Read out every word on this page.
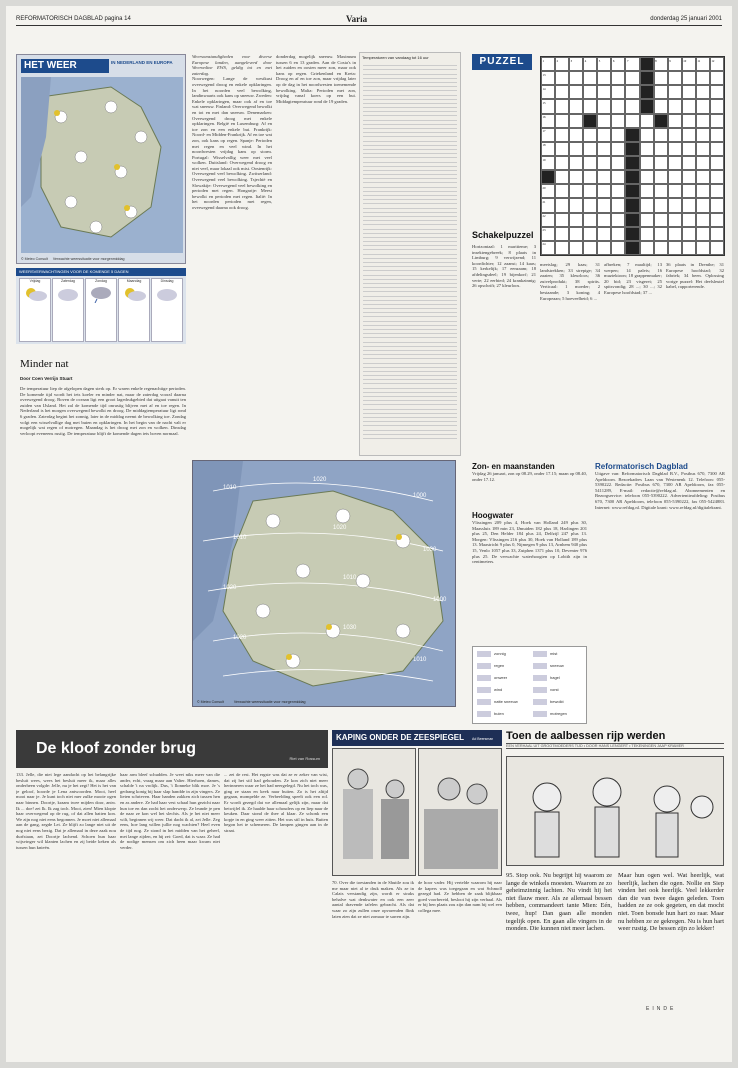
REFORMATORISCH DAGBLAD pagina 14	Varia	donderdag 25 januari 2001
HET WEER	IN NEDERLAND EN EUROPA
© Meteo Consult Verwachte weerssituatie voor morgenmiddag
WEERSVERWACHTINGEN VOOR DE KOMENDE 5 DAGEN
Vrijdag	Zaterdag	Zondag	Maandag	Dinsdag
Minder nat
Door Coen Verrijn Stuart
De temperatuur liep de afgelopen dagen sterk op. Er waren enkele regenachtige perioden. De komende tijd wordt het iets koeler en minder nat, maar de zaterdag vooral daarna overwegend droog. Boven de oceaan ligt een groot lagedrukgebied dat uitgaat vanuit ten zuiden van IJsland. Het zal de komende tijd onrustig blijven met af en toe regen. In Nederland is het morgen overwegend bewolkt en droog. De middagtemperatuur ligt rond 6 graden. Zaterdag begint het zonnig, later in de middag neemt de bewolking toe. Zondag volgt een wisselvallige dag met buien en opklaringen. In het begin van de nacht valt er mogelijk wat regen of motregen. Maandag is het droog met zon en wolken. Dinsdag verloopt eveneens rustig. De temperatuur blijft de komende dagen iets boven normaal.
Weersomstandigheden voor diverse Europese landen, aangeleverd door Weeronline EWS, geldig tot en met zaterdag.
Noorwegen: Lange de westkust overwegend droog en enkele opklaringen. In het noorden veel bewolking, landinwaarts ook kans op sneeuw. Zweden: Enkele opklaringen, maar ook af en toe wat sneeuw. Finland: Overwegend bewolkt en tot en met dan sneeuw. Denemarken: Overwegend droog met enkele opklaringen. België en Luxemburg: Af en toe zon en een enkele bui. Frankrijk: Noord- en Midden-Frankrijk. Af en toe wat zon, ook kans op regen. Spanje: Perioden met regen en veel wind. In het noordwesten vrijdag kans op storm. Portugal: Wisselvallig weer met veel wolken. Duitsland: Overwegend droog en niet veel, maar lokaal ook mist. Oostenrijk: Overwegend veel bewolking. Zwitserland: Overwegend veel bewolking. Tsjechië en Slowakije: Overwegend veel bewolking en perioden met regen. Hongarije: Meest bewolkt en perioden met regen. Italië: In het noorden perioden met regen, overwegend daarna ook droog.
donderdag mogelijk sneeuw. Maximum tussen 6 en 13 graden. Aan de Costa's in het zuiden en oosten meer zon, maar ook kans op regen. Griekenland en Kreta: Droog en af en toe zon, maar vrijdag later op de dag in het noordwesten toenemende bewolking. Malta: Perioden met zon, vrijdag vanaf koers op een bui. Middagtemperatuur rond de 19 graden.
Temperaturen van vandaag tot 16 uur	PUZZEL	1	2	3	4	5	6	7	8	9	10	11	12
13
14
15
16
17
18
19
20
21
22
23
24
Schakelpuzzel
Horizontaal: 1 maritieme; 3 insektengebreek; 8 plaats in Limburg; 9 verwijzend; 11 koordichter; 12 zaanst; 14 kaas; 15 kerkelijk; 17 eenzaam; 18 afdelingsdeel; 19 bijenkorf; 21 verte; 22 eerbied; 24 krankzinnig; 26 opschrift; 27 kleurloos.
meetslag; 29 kaas; 31 landstrekken; 33 strepige; 34 zaaien; 35 kleurloos; 36 zuivelprodukt; 38 spirits. Verticaal: 1 moeder; 2 bestaande; 3 koning; 4 Europeaan; 5 hoeveelheid; 6 ...
afbreken; 7 maaltijd; 13 werpen; 14 paleis; 16 muziektoon; 18 grappenmaker; 20 bid; 23 visgerei; 25 spitsvondig; 28 ...; 30 ...; 32 Europese hoofdstad; 37 ...
36 plaats in Drenthe; 31 Europese hoofdstad; 32 fabriek; 34 been. Oplossing vorige puzzel: Het deelsleutel kabel, rapporterende.
1010
1020
1000
1010
1020
1030
1020
1010
1000
1020
1030
1010
© Meteo Consult	Verwachte weerssituatie voor morgenmiddag
Zon- en maanstanden
Vrijdag 26 januari, zon op 08.29, onder 17.15; maan op 08.40, onder 17.12.
Hoogwater
Vlissingen 209 plus 4, Hoek van Holland 249 plus 30, Maassluis 189 min 23, IJmuiden 182 plus 18, Harlingen 201 plus 25, Den Helder 184 plus 24, Delfzijl 247 plus 13. Morgen: Vlissingen 216 plus 30, Hoek van Holland 189 plus 13. Maastricht 9 plus 0, Nijmegen 9 plus 13, Arnhem 940 plus 15, Venlo 1057 plus 33, Zutphen 1371 plus 10, Deventer 976 plus 25. De verwachte waterhoogten op Lobith zijn in centimeters.
zonnig	mist
regen	sneeuw
onweer	hagel
wind	vorst
natte sneeuw	bewolkt
buien	motregen
Reformatorisch Dagblad
Uitgave van: Reformatorisch Dagblad B.V., Postbus 670, 7300 AR Apeldoorn. Bezoekadres Laan van Westenenk 12. Telefoon: 055-5390222. Redactie: Postbus 670, 7300 AR Apeldoorn, fax 055-5411289, E-mail: redactie@refdag.nl. Abonnementen en Bezorgservice: telefoon 055-5390222. Advertentieafdeling: Postbus 670, 7300 AR Apeldoorn, telefoon 055-5390222, fax 055-5424883. Internet: www.refdag.nl. Digitale krant: www.refdag.nl/digitalekrant.
De kloof zonder brug
Riet van Rossum
133. Jelle, die niet lege aandacht op het belangrijke besluit wees, wees het besluit meer ik, maar alles onderheen volgde: Jelle, nu je het zegt! Het is het van je geloof, hoorde je Lena antwoorden. Mooi, heel mooi naar je. Je kunt toch niet mer zulke mooie ogen naar binnen. Doortje, kraam twee mijden door, antw. Ik ... doe! zei Ik. Ik zag toch. Mooi, zien! Mien klopte haar overwegend op de rug, of dat allen batten kon. We zijn nog niet eens begonnen. Je moet niet allemaal aan de gang, zegde Lei. Ze blijft zo lange niet uit de nog niet eens bezig. Dat je allemaal in deze zaak nou durfstaan, zei Doortje lachend. Schoen hun haar wijsvinger wil klanten lachen en zij beide keken als tussen hun knieën.
haar arm bleef schudden. Je weet niks meer van die ander, echt, vraag maar aan Valter. Hierhoen, dames, schalde 't na vrolijk. Dus, 't Ilonneke blik moe. Je 's gedrang konig bij haar slap handde in zijn vingers. Ze lieten schrieven. Haar handen zakken zich tussen hen en as andere. Ze had haar vest schaal hun gezicht naar hun toe en dan zocht het onderwerp. Ze leunde je pen de naar ze kon wel het slechts. Als je het niet meer wilt, beginnen wij weer. Dat dacht ik al, zei Jelle. Zeg eens, hoe lang willen jullie nog wachten? Heel even de tijd nog. Ze stond in het midden van het geheel, met lange zijden, en hij zei: Goed, dat is waar. Ze had de nodige mensen om zich heen maar kwam niet verder.
... zei de rest. Het ergste was dat ze er zeker van wist, dat zij het stil had gehouden. Ze kon zich niet meer herinneren waar ze het had neergelegd. Nu het toch was, ging ze staan en keek naar buiten. Zo is het altijd gegaan, mompelde ze. Verbeelding speelt ook een rol. Er wordt gezegd dat we allemaal gelijk zijn, maar dat betwijfel ik. Ze haalde haar schouders op en liep naar de keuken. Daar stond de thee al klaar. Ze schonk een kopje in en ging weer zitten. Het was stil in huis. Buiten begon het te schemeren. De lampen gingen aan in de straat.
KAPING ONDER DE ZEESPIEGEL Ad Beersman
70. Over die toestanden in de Shuttle zou ik me maar niet al te druk maken. Als ze in Calais verstandig zijn, wordt er straks behalve wat denkwater en ook een zeer aantal dravende tafelen gebracht. Als dat waar zo zijn zullen onze opvarenden flink laten zien dat ze niet zomaar te sarren zijn.
de hoor vader. Hij vertelde waarom hij naar de kapers was toegegaan en wat Schmoll gezegd had. Ze hebben de zaak blijkbaar goed voorbereid, besloot hij zijn verhaal. Als er bij hen plaats zou zijn dan nam hij wel een collega mee.
Toen de aalbessen rijp werden
EEN VERHAAL UIT GROOTMOEDERS TIJD • DOOR HANS LENGERT • TEKENINGEN JAAP KRAMER
95. Stop ook. Nu begrijpt hij waarom ze lange de winkels moesten. Waarom ze zo geheimzinnig lachten. Nu vindt hij het niet flauw meer. Als ze allemaal bessen hebben, commandeert tante Mien: Eén, twee, hup! Dan gaan alle monden tegelijk open. En gaan alle vingers in de monden. Die kunnen niet meer lachen.
Maar hun ogen wel. Wat heerlijk, wat heerlijk, lachen die ogen. Nollie en Siep vinden het ook heerlijk. Veel lekkerder dan die van twee dagen geleden. Toen hadden ze ze ook gegeten, en dat mocht niet. Toen bonsde hun hart zo raar. Maar nu hebben ze ze gekregen. Nu is hun hart weer rustig. De bessen zijn zo lekker!
EINDE
